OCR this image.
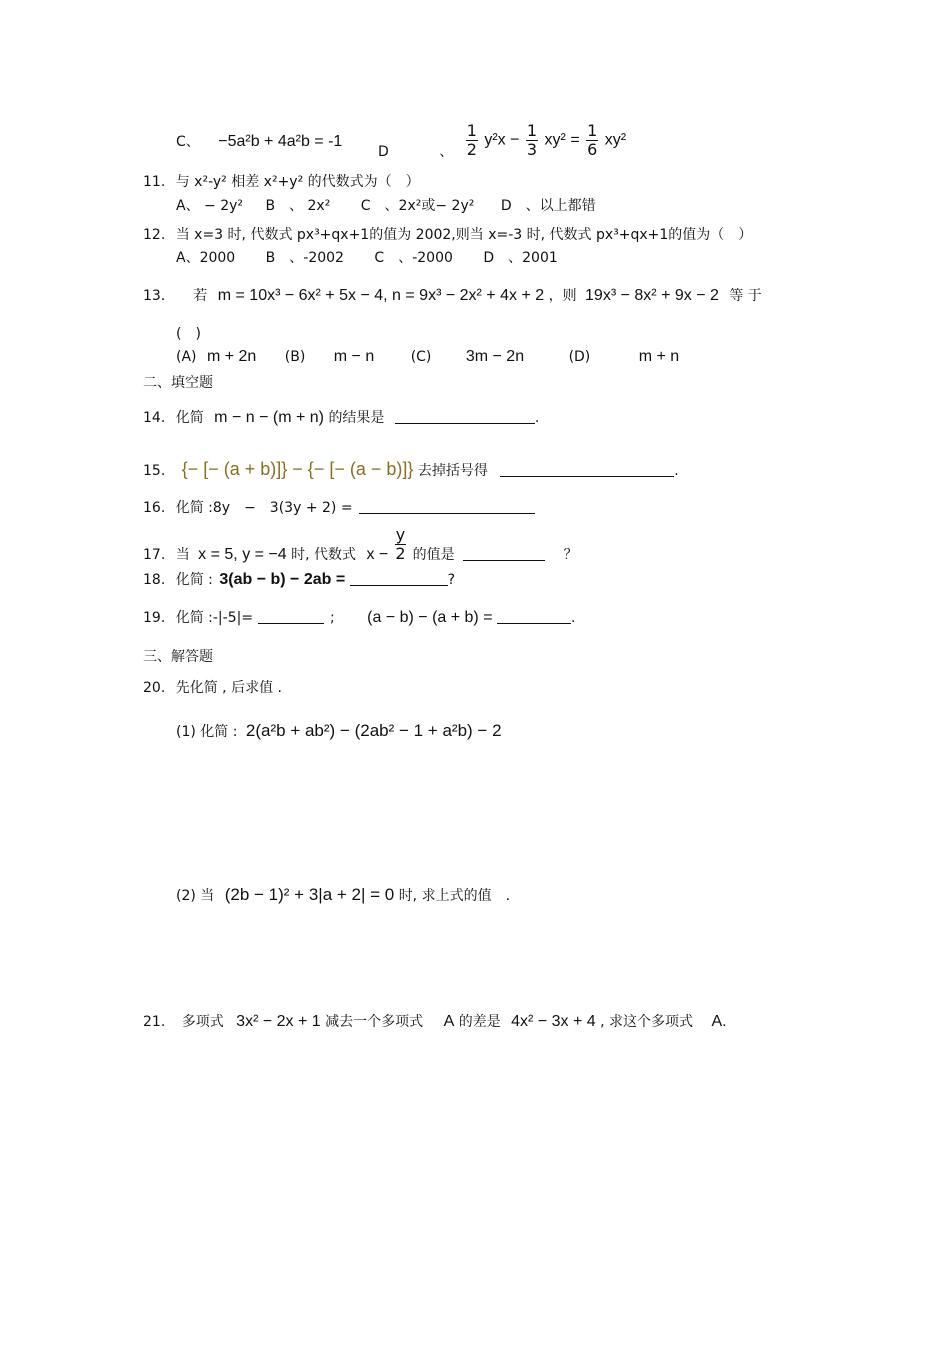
C、 −5a²b + 4a²b = -1
D	、 $\frac{1}{2} y^2x - \frac{1}{3} xy^2 = \frac{1}{6} xy^2$
11. 与 x²-y² 相差 x²+y² 的代数式为（　）
A、 − 2y² B　、 2x² C　、2x²或− 2y² D　、以上都错
12. 当 x=3 时, 代数式 px³+qx+1的值为 2002,则当 x=-3 时, 代数式 px³+qx+1的值为（　）
A、2000 B　、-2002 C　、-2000 D　、2001
13． 若 m = 10x³ − 6x² + 5x − 4, n = 9x³ − 2x² + 4x + 2 ，则 19x³ − 8x² + 9x − 2 等 于
(　)
(A) m + 2n (B) m − n	(C) 3m − 2n	(D)	m + n
二、填空题
14. 化简 m − n − (m + n) 的结果是	.
15. {− [− (a + b)]} − {− [− (a − b)]} 去掉括号得	.
16. 化简 :8y　−　3(3y + 2) =
17. 当 x = 5, y = −4 时, 代数式 $x - \frac{y}{2}$ 的值是	？
18. 化简 : 3(ab − b) − 2ab =	?
19. 化简 :-|-5|=	; (a − b) − (a + b) =	.
三、解答题
20. 先化简 , 后求值 .
(1) 化简 : 2(a²b + ab²) − (2ab² − 1 + a²b) − 2
(2) 当 (2b − 1)² + 3|a + 2| = 0 时, 求上式的值　.
21. 多项式 3x² − 2x + 1 减去一个多项式 A 的差是 4x² − 3x + 4 , 求这个多项式 A.
